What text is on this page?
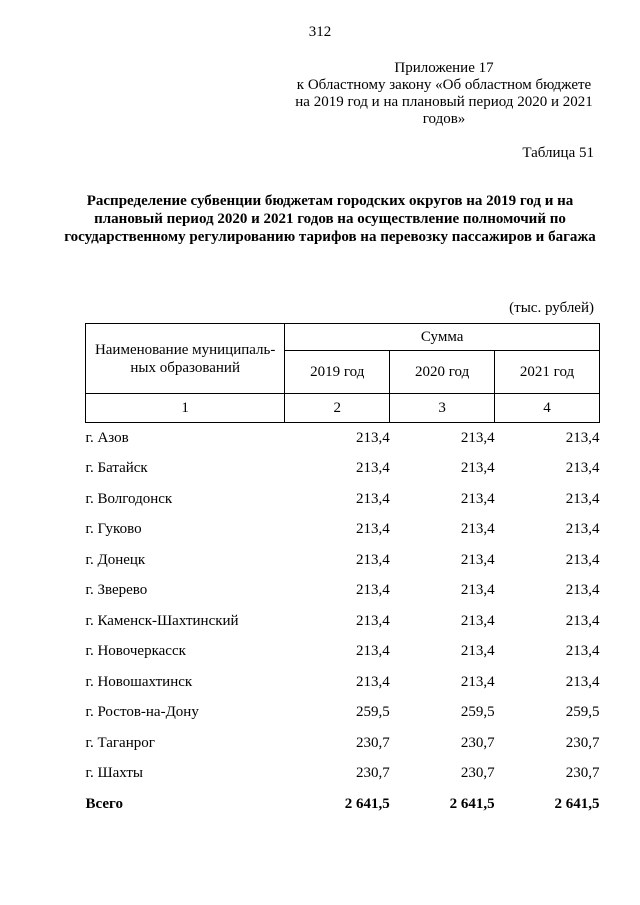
312
Приложение 17
к Областному закону «Об областном бюджете на 2019 год и на плановый период 2020 и 2021 годов»
Таблица 51
Распределение субвенции бюджетам городских округов на 2019 год и на плановый период 2020 и 2021 годов на осуществление полномочий по государственному регулированию тарифов на перевозку пассажиров и багажа
(тыс. рублей)
Наименование муниципаль-ных образований	Сумма		
	2019 год	2020 год	2021 год
1	2	3	4
г. Азов	213,4	213,4	213,4
г. Батайск	213,4	213,4	213,4
г. Волгодонск	213,4	213,4	213,4
г. Гуково	213,4	213,4	213,4
г. Донецк	213,4	213,4	213,4
г. Зверево	213,4	213,4	213,4
г. Каменск-Шахтинский	213,4	213,4	213,4
г. Новочеркасск	213,4	213,4	213,4
г. Новошахтинск	213,4	213,4	213,4
г. Ростов-на-Дону	259,5	259,5	259,5
г. Таганрог	230,7	230,7	230,7
г. Шахты	230,7	230,7	230,7
Всего	2 641,5	2 641,5	2 641,5
